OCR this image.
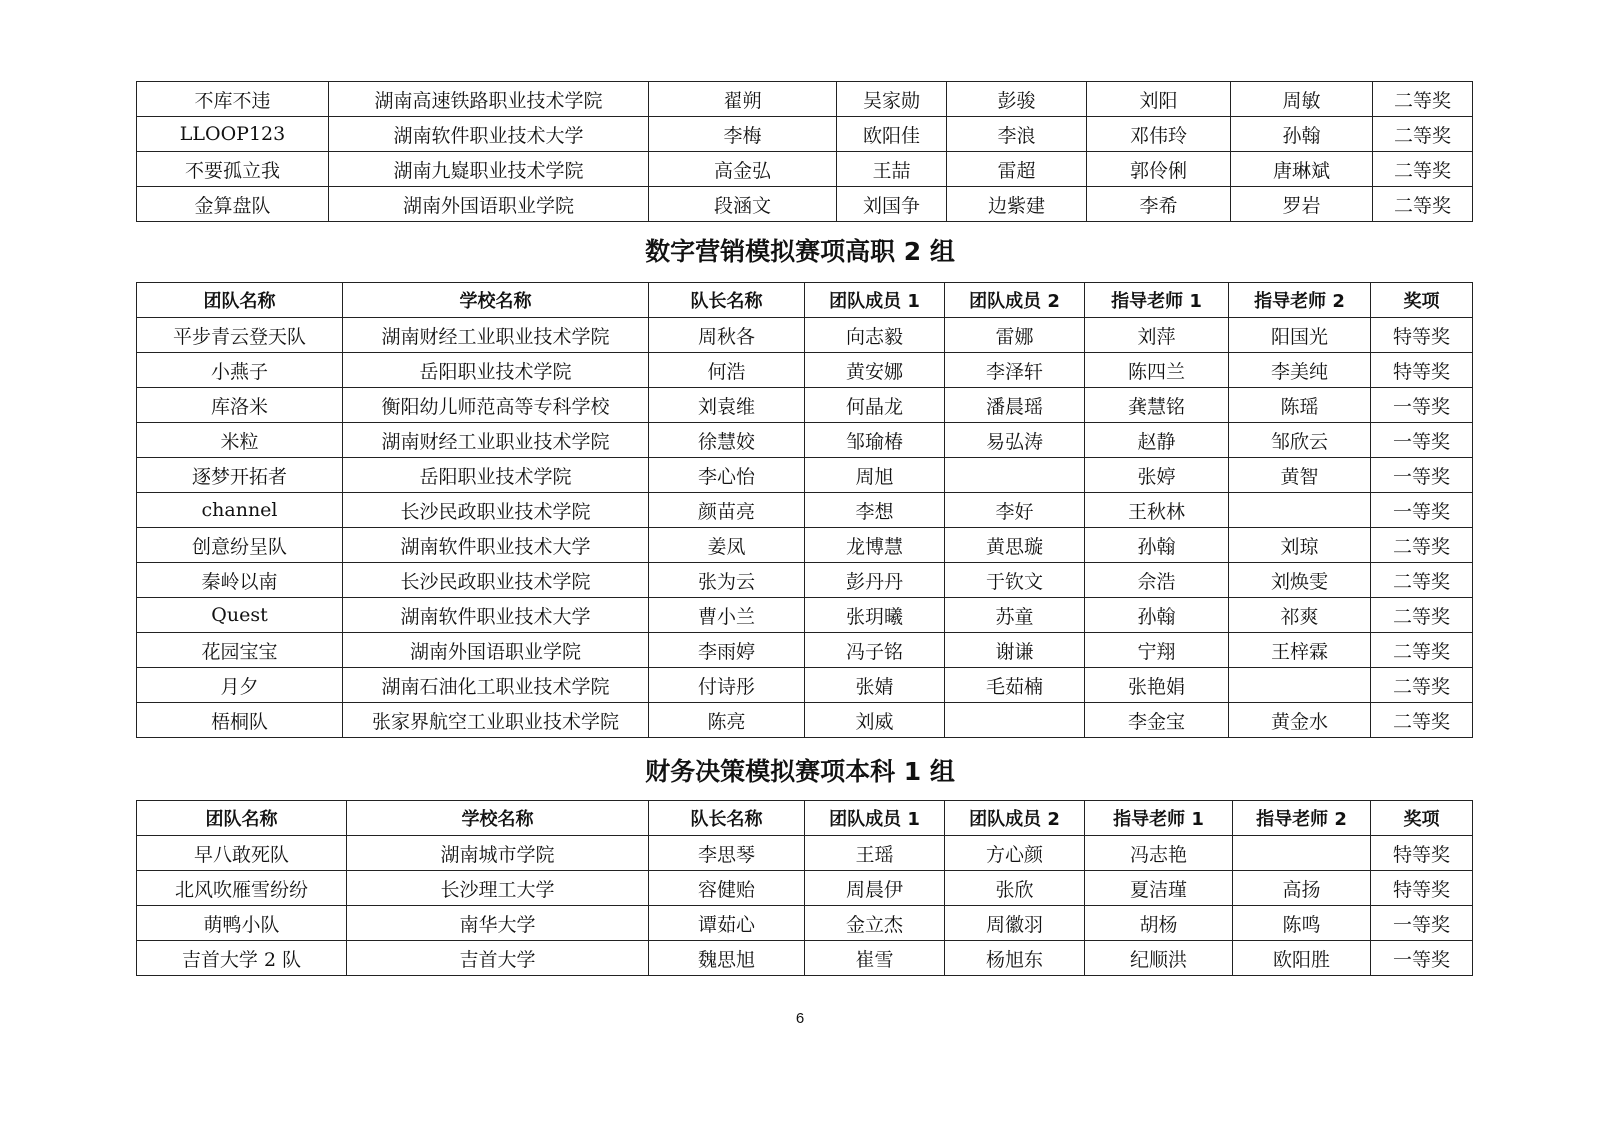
不库不违	湖南高速铁路职业技术学院	翟朔	吴家勋	彭骏	刘阳	周敏	二等奖
LLOOP123	湖南软件职业技术大学	李梅	欧阳佳	李浪	邓伟玲	孙翰	二等奖
不要孤立我	湖南九嶷职业技术学院	高金弘	王喆	雷超	郭伶俐	唐琳斌	二等奖
金算盘队	湖南外国语职业学院	段涵文	刘国争	边紫建	李希	罗岩	二等奖
数字营销模拟赛项高职 2 组
团队名称	学校名称	队长名称	团队成员 1	团队成员 2	指导老师 1	指导老师 2	奖项
平步青云登天队	湖南财经工业职业技术学院	周秋各	向志毅	雷娜	刘萍	阳国光	特等奖
小燕子	岳阳职业技术学院	何浩	黄安娜	李泽轩	陈四兰	李美纯	特等奖
库洛米	衡阳幼儿师范高等专科学校	刘袁维	何晶龙	潘晨瑶	龚慧铭	陈瑶	一等奖
米粒	湖南财经工业职业技术学院	徐慧姣	邹瑜椿	易弘涛	赵静	邹欣云	一等奖
逐梦开拓者	岳阳职业技术学院	李心怡	周旭		张婷	黄智	一等奖
channel	长沙民政职业技术学院	颜苗亮	李想	李好	王秋林		一等奖
创意纷呈队	湖南软件职业技术大学	姜凤	龙博慧	黄思璇	孙翰	刘琼	二等奖
秦岭以南	长沙民政职业技术学院	张为云	彭丹丹	于钦文	佘浩	刘焕雯	二等奖
Quest	湖南软件职业技术大学	曹小兰	张玥曦	苏童	孙翰	祁爽	二等奖
花园宝宝	湖南外国语职业学院	李雨婷	冯子铭	谢谦	宁翔	王梓霖	二等奖
月夕	湖南石油化工职业技术学院	付诗彤	张婧	毛茹楠	张艳娟		二等奖
梧桐队	张家界航空工业职业技术学院	陈亮	刘威		李金宝	黄金水	二等奖
财务决策模拟赛项本科 1 组
团队名称	学校名称	队长名称	团队成员 1	团队成员 2	指导老师 1	指导老师 2	奖项
早八敢死队	湖南城市学院	李思琴	王瑶	方心颜	冯志艳		特等奖
北风吹雁雪纷纷	长沙理工大学	容健贻	周晨伊	张欣	夏洁瑾	高扬	特等奖
萌鸭小队	南华大学	谭茹心	金立杰	周徽羽	胡杨	陈鸣	一等奖
吉首大学 2 队	吉首大学	魏思旭	崔雪	杨旭东	纪顺洪	欧阳胜	一等奖
6
